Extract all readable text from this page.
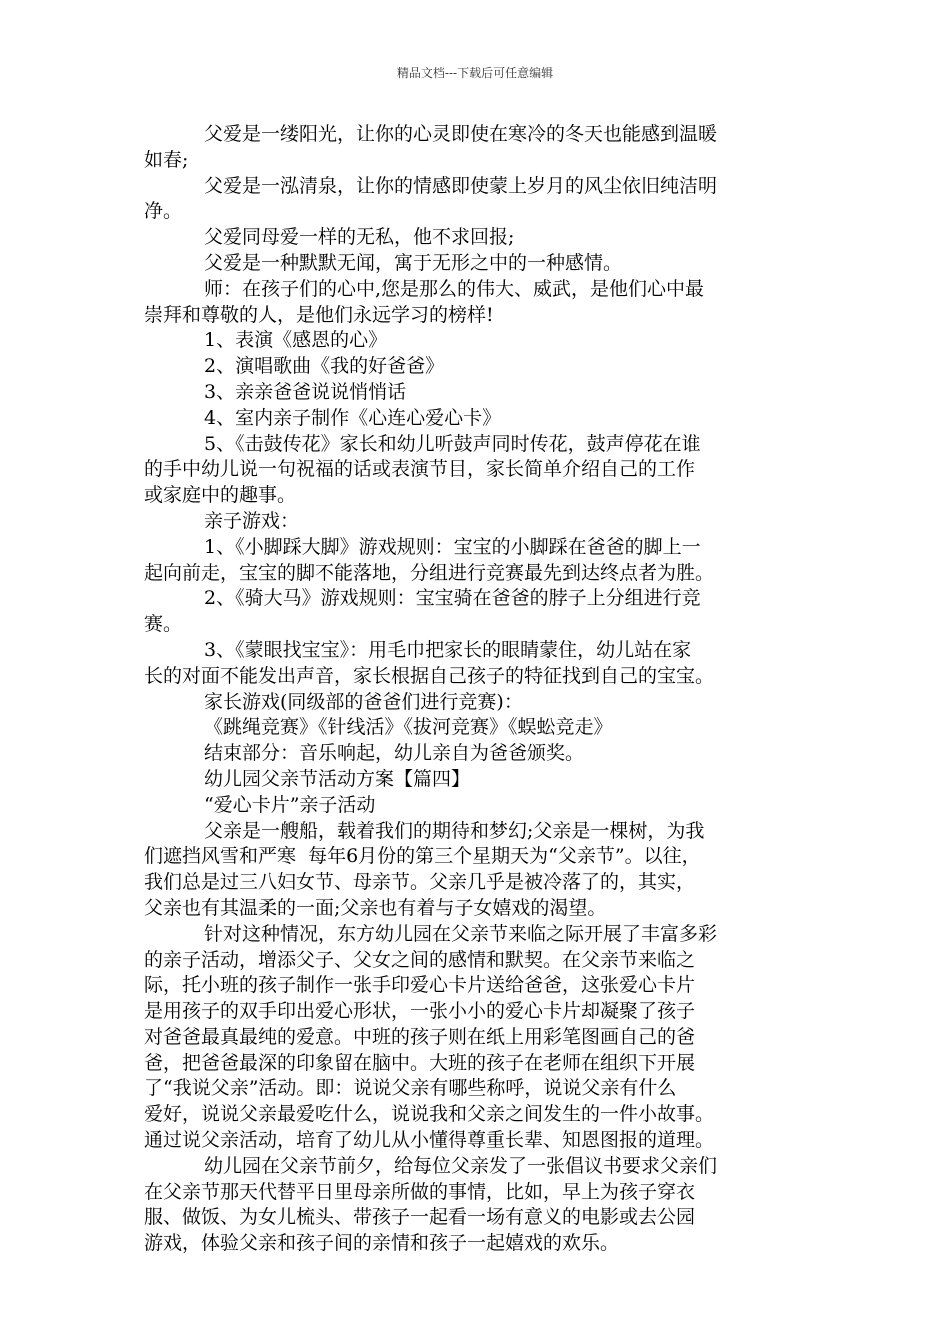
精品文档---下载后可任意编辑
父爱是一缕阳光，让你的心灵即使在寒冷的冬天也能感到温暖
如春;
父爱是一泓清泉，让你的情感即使蒙上岁月的风尘依旧纯洁明
净。
父爱同母爱一样的无私，他不求回报;
父爱是一种默默无闻，寓于无形之中的一种感情。
师：在孩子们的心中,您是那么的伟大、威武，是他们心中最
崇拜和尊敬的人，是他们永远学习的榜样!
1、表演《感恩的心》
2、演唱歌曲《我的好爸爸》
3、亲亲爸爸说说悄悄话
4、室内亲子制作《心连心爱心卡》
5、《击鼓传花》家长和幼儿听鼓声同时传花，鼓声停花在谁
的手中幼儿说一句祝福的话或表演节目，家长简单介绍自己的工作
或家庭中的趣事。
亲子游戏：
1、《小脚踩大脚》游戏规则：宝宝的小脚踩在爸爸的脚上一
起向前走，宝宝的脚不能落地，分组进行竞赛最先到达终点者为胜。
2、《骑大马》游戏规则：宝宝骑在爸爸的脖子上分组进行竞
赛。
3、《蒙眼找宝宝》：用毛巾把家长的眼睛蒙住，幼儿站在家
长的对面不能发出声音，家长根据自己孩子的特征找到自己的宝宝。
家长游戏(同级部的爸爸们进行竞赛)：
《跳绳竞赛》《针线活》《拔河竞赛》《蜈蚣竞走》
结束部分：音乐响起，幼儿亲自为爸爸颁奖。
幼儿园父亲节活动方案【篇四】
“爱心卡片”亲子活动
父亲是一艘船，载着我们的期待和梦幻;父亲是一棵树，为我
们遮挡风雪和严寒  每年6月份的第三个星期天为“父亲节”。以往，
我们总是过三八妇女节、母亲节。父亲几乎是被冷落了的，其实，
父亲也有其温柔的一面;父亲也有着与子女嬉戏的渴望。
针对这种情况，东方幼儿园在父亲节来临之际开展了丰富多彩
的亲子活动，增添父子、父女之间的感情和默契。在父亲节来临之
际，托小班的孩子制作一张手印爱心卡片送给爸爸，这张爱心卡片
是用孩子的双手印出爱心形状，一张小小的爱心卡片却凝聚了孩子
对爸爸最真最纯的爱意。中班的孩子则在纸上用彩笔图画自己的爸
爸，把爸爸最深的印象留在脑中。大班的孩子在老师在组织下开展
了“我说父亲”活动。即：说说父亲有哪些称呼，说说父亲有什么
爱好，说说父亲最爱吃什么，说说我和父亲之间发生的一件小故事。
通过说父亲活动，培育了幼儿从小懂得尊重长辈、知恩图报的道理。
幼儿园在父亲节前夕，给每位父亲发了一张倡议书要求父亲们
在父亲节那天代替平日里母亲所做的事情，比如，早上为孩子穿衣
服、做饭、为女儿梳头、带孩子一起看一场有意义的电影或去公园
游戏，体验父亲和孩子间的亲情和孩子一起嬉戏的欢乐。
